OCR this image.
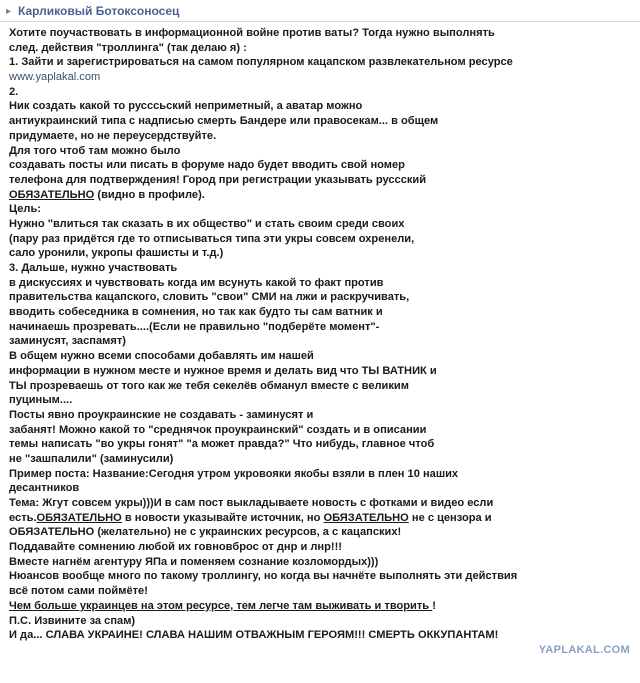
▸ Карликовый Ботоксоносец
Хотите поучаствовать в информационной войне против ваты? Тогда нужно выполнять
след. действия "троллинга" (так делаю я) :
1. Зайти и зарегистрироваться на самом популярном кацапском развлекательном ресурсе
www.yaplakal.com
2.
Ник создать какой то русссьский неприметный, а аватар можно
антиукраинский типа с надписью смерть Бандере или правосекам... в общем
придумаете, но не переусердствуйте.
Для того чтоб там можно было
создавать посты или писать в форуме надо будет вводить свой номер
телефона для подтверждения! Город при регистрации указывать руссский
ОБЯЗАТЕЛЬНО (видно в профиле).
Цель:
Нужно "влиться так сказать в их общество" и стать своим среди своих
(пару раз придётся где то отписываться типа эти укры совсем охренели,
сало уронили, укропы фашисты и т.д.)
3. Дальше, нужно участвовать
в дискуссиях и чувствовать когда им всунуть какой то факт против
правительства кацапского, словить "свои" СМИ на лжи и раскручивать,
вводить собеседника в сомнения, но так как будто ты сам ватник и
начинаешь прозревать....(Если не правильно "подберёте момент"-
заминусят, заспамят)
В общем нужно всеми способами добавлять им нашей
информации в нужном месте и нужное время и делать вид что ТЫ ВАТНИК и
ТЫ прозреваешь от того как же тебя секелёв обманул вместе с великим
пуциным....
Посты явно проукраинские не создавать - заминусят и
забанят! Можно какой то "среднячок проукраинский" создать и в описании
темы написать "во укры гонят" "а может правда?" Что нибудь, главное чтоб
не "зашпалили" (заминусили)
Пример поста: Название:Сегодня утром укровояки якобы взяли в плен 10 наших
десантников
Тема: Жгут совсем укры)))И в сам пост выкладываете новость с фотками и видео если
есть.ОБЯЗАТЕЛЬНО в новости указывайте источник, но ОБЯЗАТЕЛЬНО не с цензора и
ОБЯЗАТЕЛЬНО (желательно) не с украинских ресурсов, а с кацапских!
Поддавайте сомнению любой их говновброс от днр и лнр!!!
Вместе нагнём агентуру ЯПа и поменяем сознание козломордых)))
Нюансов вообще много по такому троллингу, но когда вы начнёте выполнять эти действия
всё потом сами поймёте!
Чем больше украинцев на этом ресурсе, тем легче там выживать и творить !
П.С. Извините за спам)
И да... СЛАВА УКРАИНЕ! СЛАВА НАШИМ ОТВАЖНЫМ ГЕРОЯМ!!! СМЕРТЬ ОККУПАНТАМ!
YAPLAKAL.COM
